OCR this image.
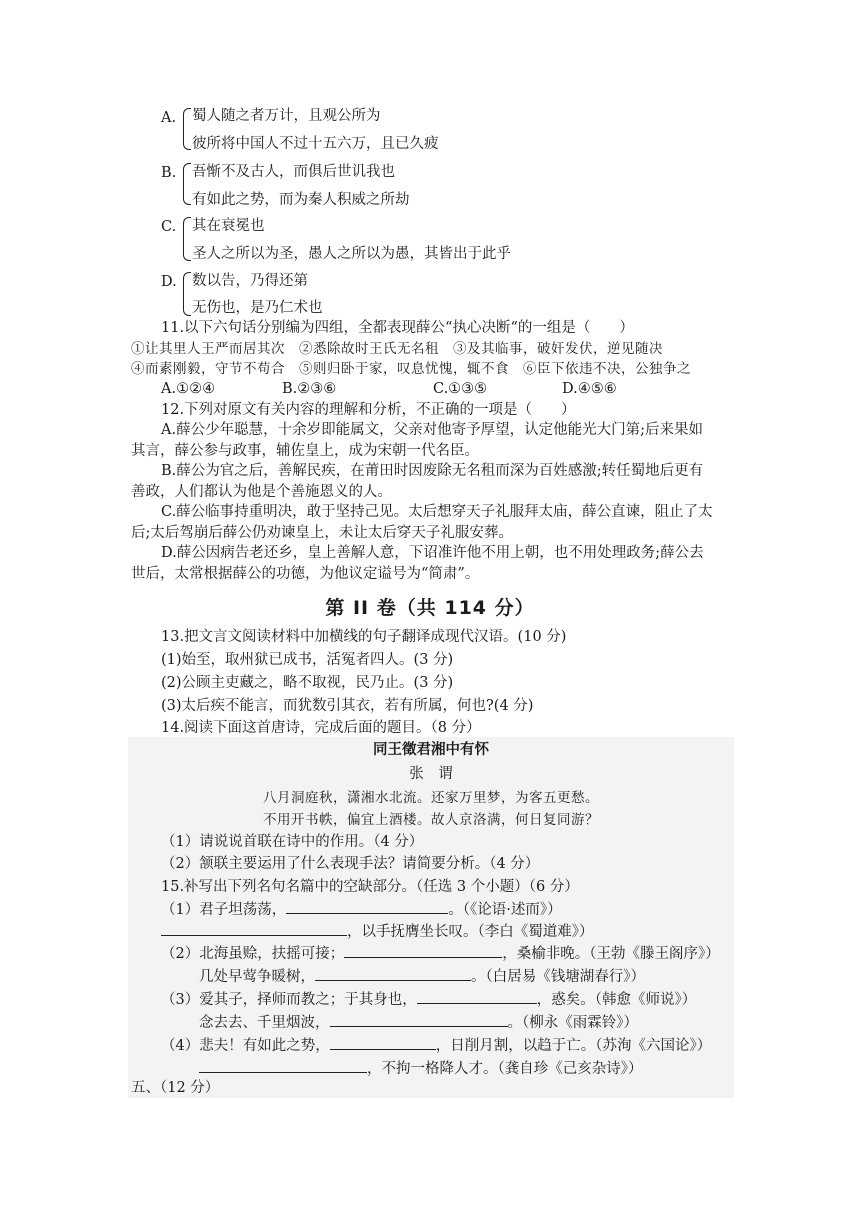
A. 蜀人随之者万计，且观公所为
彼所将中国人不过十五六万，且已久疲
B. 吾惭不及古人，而俱后世讥我也
有如此之势，而为秦人积威之所劫
C. 其在衰冕也
圣人之所以为圣，愚人之所以为愚，其皆出于此乎
D. 数以告，乃得还第
无伤也，是乃仁术也
11.以下六句话分别编为四组，全都表现薛公“执心决断“的一组是（　　）
①让其里人王严而居其次　②悉除故时王氏无名租　③及其临事，破奸发伏，逆见随决
④而素刚毅，守节不苟合　⑤则归卧于家，叹息忧愧，辄不食　⑥臣下依违不决，公独争之
A.①②④	B.②③⑥	C.①③⑤	D.④⑤⑥
12.下列对原文有关内容的理解和分析，不正确的一项是（　　）
A.薛公少年聪慧，十余岁即能属文，父亲对他寄予厚望，认定他能光大门第;后来果如
其言，薛公参与政事，辅佐皇上，成为宋朝一代名臣。
B.薛公为官之后，善解民疾，在莆田时因废除无名租而深为百姓感激;转任蜀地后更有
善政，人们都认为他是个善施恩义的人。
C.薛公临事持重明决，敢于坚持己见。太后想穿天子礼服拜太庙，薛公直谏，阻止了太
后;太后驾崩后薛公仍劝谏皇上，未让太后穿天子礼服安葬。
D.薛公因病告老还乡，皇上善解人意，下诏准许他不用上朝，也不用处理政务;薛公去
世后，太常根据薛公的功德，为他议定谥号为“简肃”。
第 II 卷（共 114 分）
13.把文言文阅读材料中加横线的句子翻译成现代汉语。(10 分)
(1)始至，取州狱已成书，活冤者四人。(3 分)
(2)公顾主吏藏之，略不取视，民乃止。(3 分)
(3)太后疾不能言，而犹数引其衣，若有所属，何也?(4 分)
14.阅读下面这首唐诗，完成后面的题目。（8 分）
同王徵君湘中有怀
张　谓
八月洞庭秋，潇湘水北流。还家万里梦，为客五更愁。
不用开书帙，偏宜上酒楼。故人京洛满，何日复同游？
（1）请说说首联在诗中的作用。（4 分）
（2）颔联主要运用了什么表现手法？请简要分析。（4 分）
15.补写出下列名句名篇中的空缺部分。（任选 3 个小题）（6 分）
（1）君子坦荡荡，	。（《论语·述而》）
，以手抚膺坐长叹。（李白《蜀道难》）
（2）北海虽赊，扶摇可接；	，桑榆非晚。（王勃《滕王阁序》）
几处早莺争暖树，	。（白居易《钱塘湖春行》）
（3）爱其子，择师而教之；于其身也，	，惑矣。（韩愈《师说》）
念去去、千里烟波，	。（柳永《雨霖铃》）
（4）悲夫！有如此之势，	，日削月割，以趋于亡。（苏洵《六国论》）
，不拘一格降人才。（龚自珍《己亥杂诗》）
五、（12 分）
